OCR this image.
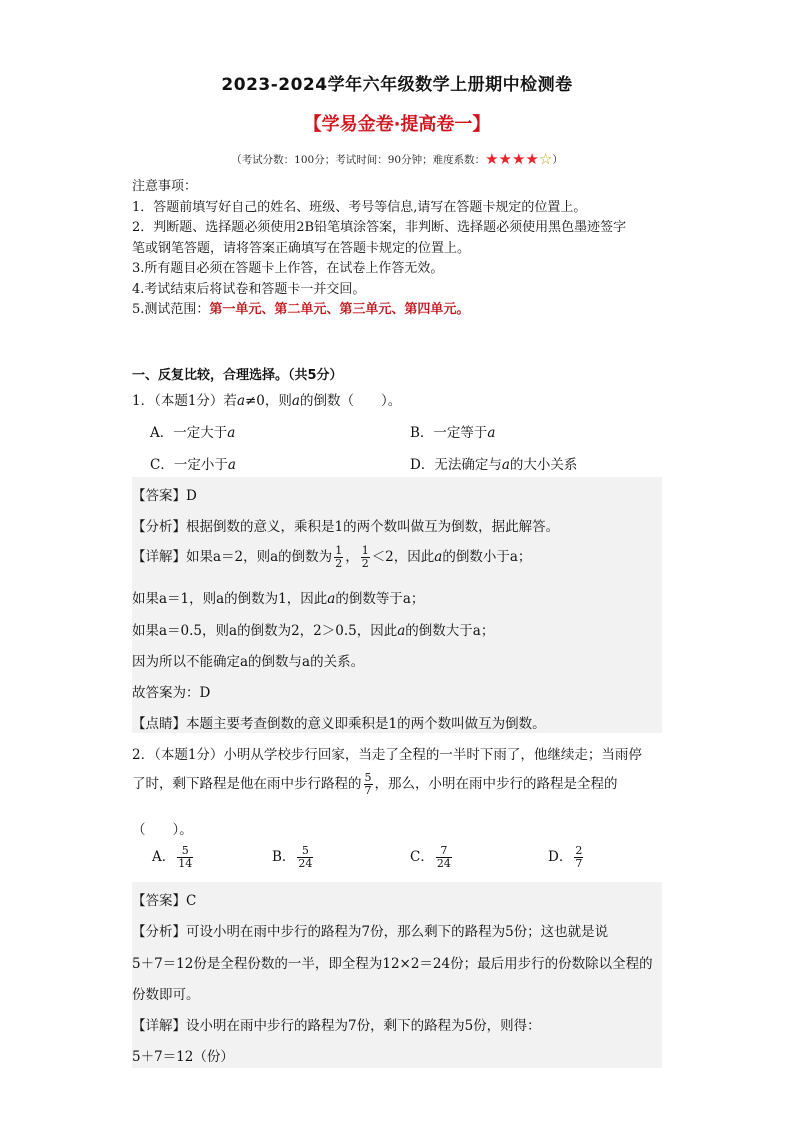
2023-2024学年六年级数学上册期中检测卷
【学易金卷·提高卷一】
（考试分数：100分；考试时间：90分钟；难度系数：★★★★☆）
注意事项：
1．答题前填写好自己的姓名、班级、考号等信息,请写在答题卡规定的位置上。
2．判断题、选择题必须使用2B铅笔填涂答案，非判断、选择题必须使用黑色墨迹签字
笔或钢笔答题，请将答案正确填写在答题卡规定的位置上。
3.所有题目必须在答题卡上作答，在试卷上作答无效。
4.考试结束后将试卷和答题卡一并交回。
5.测试范围：第一单元、第二单元、第三单元、第四单元。
一、反复比较，合理选择。（共5分）
1．（本题1分）若a≠0，则a的倒数（　　）。
A．一定大于a	B．一定等于a
C．一定小于a	D．无法确定与a的大小关系
【答案】D
【分析】根据倒数的意义，乘积是1的两个数叫做互为倒数，据此解答。
【详解】如果a＝2，则a的倒数为 $\frac{1}{2}$ ， $\frac{1}{2} <2$，因此a的倒数小于a；
如果a＝1，则a的倒数为1，因此a的倒数等于a；
如果a＝0.5，则a的倒数为2，2＞0.5，因此a的倒数大于a；
因为所以不能确定a的倒数与a的关系。
故答案为：D
【点睛】本题主要考查倒数的意义即乘积是1的两个数叫做互为倒数。
2．（本题1分）小明从学校步行回家，当走了全程的一半时下雨了，他继续走；当雨停
了时，剩下路程是他在雨中步行路程的 $\frac{5}{7}$ ，那么，小明在雨中步行的路程是全程的
（　　）。
A． $\frac{5}{14}$	B． $\frac{5}{24}$	C． $\frac{7}{24}$	D． $\frac{2}{7}$
【答案】C
【分析】可设小明在雨中步行的路程为7份，那么剩下的路程为5份；这也就是说
5＋7＝12份是全程份数的一半，即全程为12×2＝24份；最后用步行的份数除以全程的
份数即可。
【详解】设小明在雨中步行的路程为7份，剩下的路程为5份，则得：
5＋7＝12（份）
